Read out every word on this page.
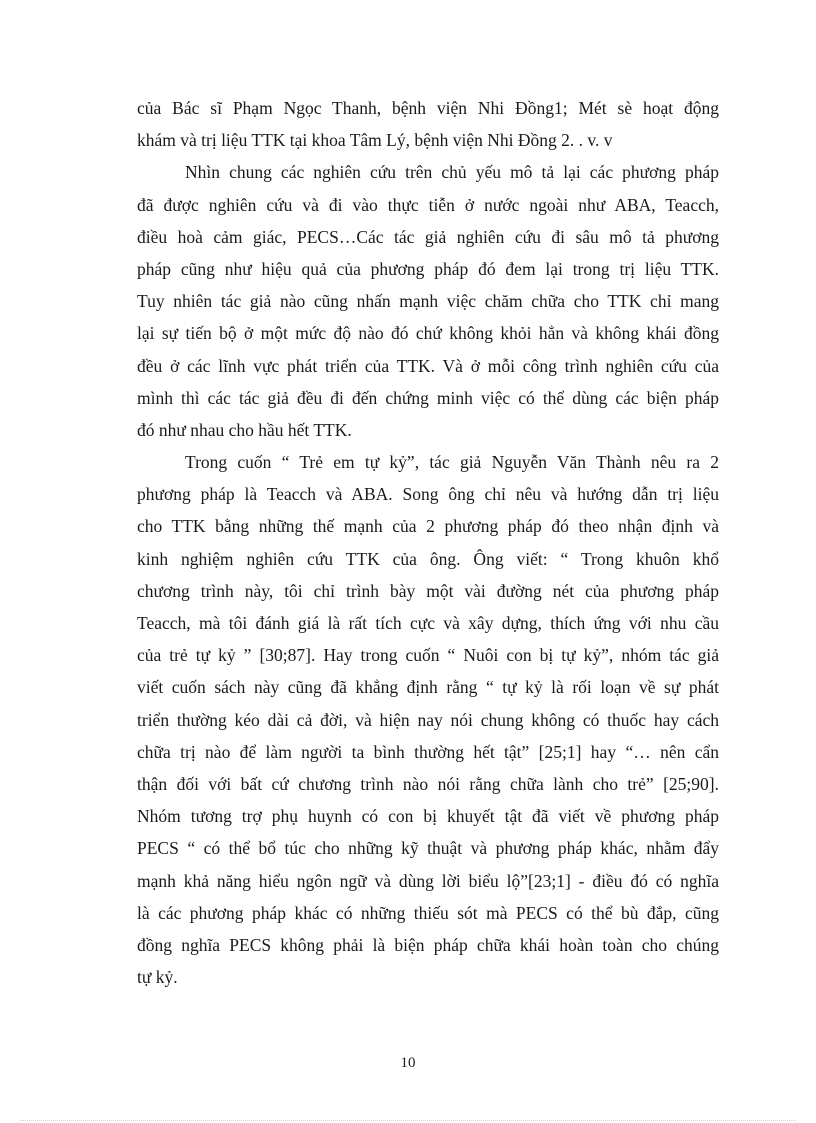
của Bác sĩ Phạm Ngọc Thanh, bệnh viện Nhi Đồng1; Mét sè hoạt động
khám và trị liệu TTK tại khoa Tâm Lý, bệnh viện Nhi Đồng 2. . v. v
Nhìn chung các nghiên cứu trên chủ yếu mô tả lại các phương pháp
đã được nghiên cứu và đi vào thực tiễn ở nước ngoài như ABA, Teacch,
điều hoà cảm giác, PECS…Các tác giả nghiên cứu đi sâu mô tả phương
pháp cũng như hiệu quả của phương pháp đó đem lại trong trị liệu TTK.
Tuy nhiên tác giả nào cũng nhấn mạnh việc chăm chữa cho TTK chỉ mang
lại sự tiến bộ ở một mức độ nào đó chứ không khỏi hẳn và không khái đồng
đều ở các lĩnh vực phát triển của TTK. Và ở mỗi công trình nghiên cứu của
mình thì các tác giả đều đi đến chứng minh việc có thể dùng các biện pháp
đó như nhau cho hầu hết TTK.
Trong cuốn “ Trẻ em tự kỷ”, tác giả Nguyễn Văn Thành nêu ra 2
phương pháp là Teacch và ABA. Song ông chỉ nêu và hướng dẫn trị liệu
cho TTK bằng những thế mạnh của 2 phương pháp đó theo nhận định và
kinh nghiệm nghiên cứu TTK của ông. Ông viết: “ Trong khuôn khổ
chương trình này, tôi chỉ trình bày một vài đường nét của phương pháp
Teacch, mà tôi đánh giá là rất tích cực và xây dựng, thích ứng với nhu cầu
của trẻ tự kỷ ” [30;87]. Hay trong cuốn “ Nuôi con bị tự kỷ”, nhóm tác giả
viết cuốn sách này cũng đã khẳng định rằng “ tự kỷ là rối loạn về sự phát
triển thường kéo dài cả đời, và hiện nay nói chung không có thuốc hay cách
chữa trị nào để làm người ta bình thường hết tật” [25;1] hay “… nên cẩn
thận đối với bất cứ chương trình nào nói rằng chữa lành cho trẻ” [25;90].
Nhóm tương trợ phụ huynh có con bị khuyết tật đã viết về phương pháp
PECS “ có thể bổ túc cho những kỹ thuật và phương pháp khác, nhằm đẩy
mạnh khả năng hiểu ngôn ngữ và dùng lời biểu lộ”[23;1] - điều đó có nghĩa
là các phương pháp khác có những thiếu sót mà PECS có thể bù đắp, cũng
đồng nghĩa PECS không phải là biện pháp chữa khái hoàn toàn cho chúng
tự kỷ.
10
